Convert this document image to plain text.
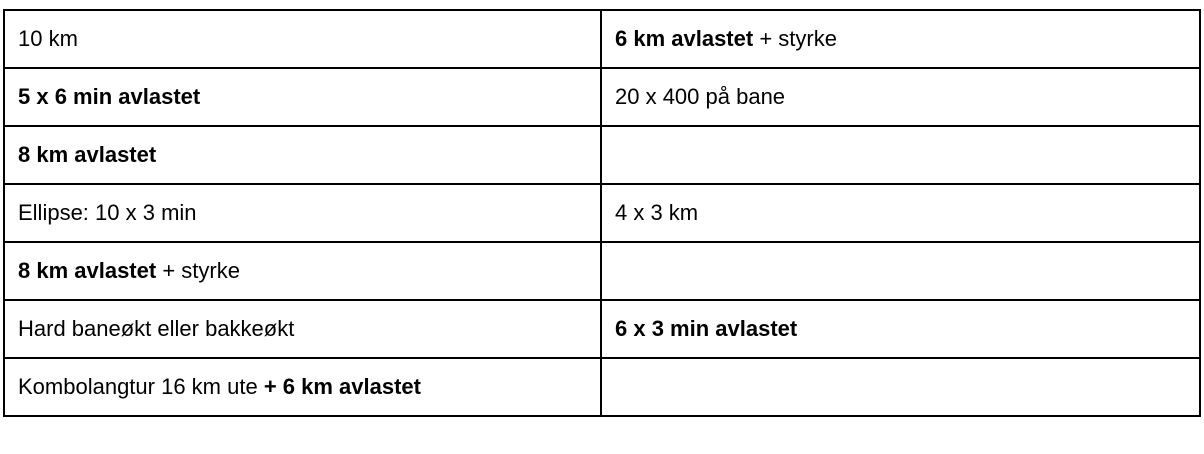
10 km	6 km avlastet + styrke
5 x 6 min avlastet	20 x 400 på bane
8 km avlastet	
Ellipse: 10 x 3 min	4 x 3 km
8 km avlastet + styrke	
Hard baneøkt eller bakkeøkt	6 x 3 min avlastet
Kombolangtur 16 km ute + 6 km avlastet	
